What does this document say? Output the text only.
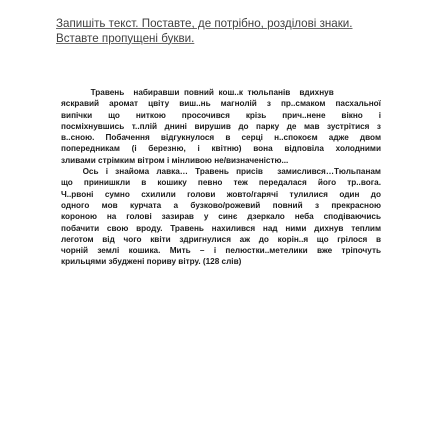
Запишіть текст. Поставте, де потрібно, розділові знаки.
Вставте пропущені букви.
Травень    набиравши  повний  кош..к  тюльпанів    вдихнув
яскравий аромат цвіту виш..нь магнолій з пр..смаком пасхальної
випічки що ниткою просочився крізь прич..нене вікно і
посміхнувшись т..плій днині вирушив до парку де мав зустрітися з
в..сною. Побачення відгукнулося в серці н..спокоєм адже двом
попередникам (і березню, і квітню) вона відповіла холодними
зливами стрімким вітром і мінливою не/визначеністю...
Ось і знайома лавка… Травень присів  замислився…Тюльпанам
що принишкли в кошику певно теж передалася його тр..вога.
Ч..рвоні сумно схилили голови жовто/гарячі тулилися один до
одного мов курчата а бузково/рожевий повний з прекрасною
короною на голові зазирав у синє дзеркало неба сподіваючись
побачити свою вроду. Травень нахилився над ними дихнув теплим
леготом від чого квіти здригнулися аж до корін..я що грілося в
чорній землі кошика. Мить – і пелюстки..метелики вже тріпочуть
крильцями збуджені пориву вітру. (128 слів)
